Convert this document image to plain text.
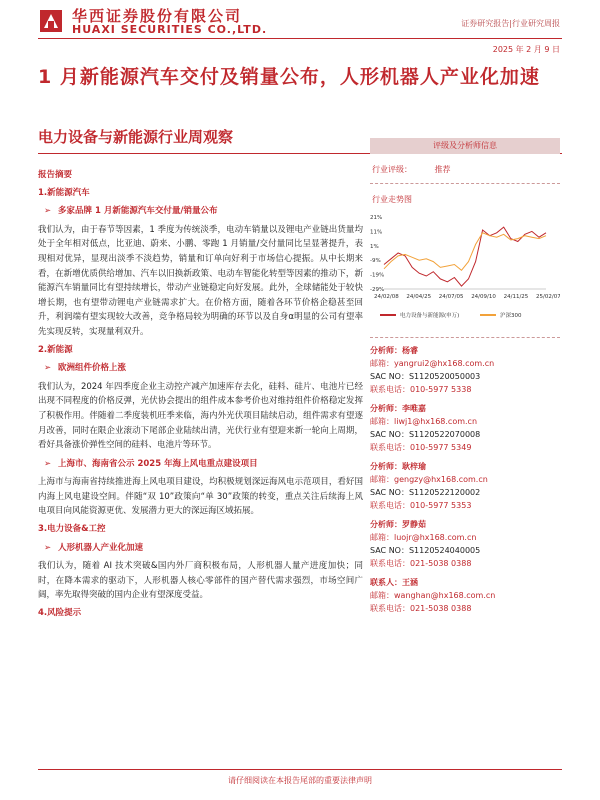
华西证券股份有限公司
HUAXI SECURITIES CO.,LTD.	证券研究报告|行业研究周报
2025 年 2 月 9 日
1 月新能源汽车交付及销量公布，人形机器人产业化加速
电力设备与新能源行业周观察
报告摘要
1.新能源汽车
➢ 多家品牌 1 月新能源汽车交付量/销量公布
我们认为，由于春节等因素，1 季度为传统淡季，电动车销量以及锂电产业链出货量均处于全年相对低点，比亚迪、蔚来、小鹏、零跑 1 月销量/交付量同比呈显著提升，表现相对优异，显现出淡季不淡趋势，销量和订单向好利于市场信心提振。从中长期来看，在新增优质供给增加、汽车以旧换新政策、电动车智能化转型等因素的推动下，新能源汽车销量同比有望持续增长，带动产业链稳定向好发展。此外，全球储能处于较快增长期，也有望带动锂电产业链需求扩大。在价格方面，随着各环节价格企稳甚至回升，利润端有望实现较大改善，竞争格局较为明确的环节以及自身α明显的公司有望率先实现反转，实现量利双升。
2.新能源
➢ 欧洲组件价格上涨
我们认为，2024 年四季度企业主动控产减产加速库存去化，硅料、硅片、电池片已经出现不同程度的价格反弹，光伏协会提出的组件成本参考价也对维持组件价格稳定发挥了积极作用。伴随着二季度装机旺季来临，海内外光伏项目陆续启动，组件需求有望逐月改善，同时在限企业滚动下尾部企业陆续出清，光伏行业有望迎来新一轮向上周期，看好具备涨价弹性空间的硅料、电池片等环节。
➢ 上海市、海南省公示 2025 年海上风电重点建设项目
上海市与海南省持续推进海上风电项目建设，均积极规划深远海风电示范项目，看好国内海上风电建设空间。伴随“双 10”政策向“单 30”政策的转变，重点关注后续海上风电项目向风能资源更优、发展潜力更大的深远海区域拓展。
3.电力设备&工控
➢ 人形机器人产业化加速
我们认为，随着 AI 技术突破&国内外厂商积极布局，人形机器人量产进度加快；同时，在降本需求的驱动下，人形机器人核心零部件的国产替代需求强烈，市场空间广阔，率先取得突破的国内企业有望深度受益。
4.风险提示
评级及分析师信息
行业评级：	推荐
行业走势图
21%
11%
1%
-9%
-19%
-29%
24/02/08 24/04/25 24/07/05 24/09/10 24/11/25 25/02/07
电力设备与新能源(申万)	沪深300
分析师：杨睿
邮箱：yangrui2@hx168.com.cn
SAC NO：S1120520050003
联系电话：010-5977 5338
分析师：李唯嘉
邮箱：liwj1@hx168.com.cn
SAC NO：S1120522070008
联系电话：010-5977 5349
分析师：耿梓瑜
邮箱：gengzy@hx168.com.cn
SAC NO：S1120522120002
联系电话：010-5977 5353
分析师：罗静茹
邮箱：luojr@hx168.com.cn
SAC NO：S1120524040005
联系电话：021-5038 0388
联系人：王涵
邮箱：wanghan@hx168.com.cn
联系电话：021-5038 0388
请仔细阅读在本报告尾部的重要法律声明
